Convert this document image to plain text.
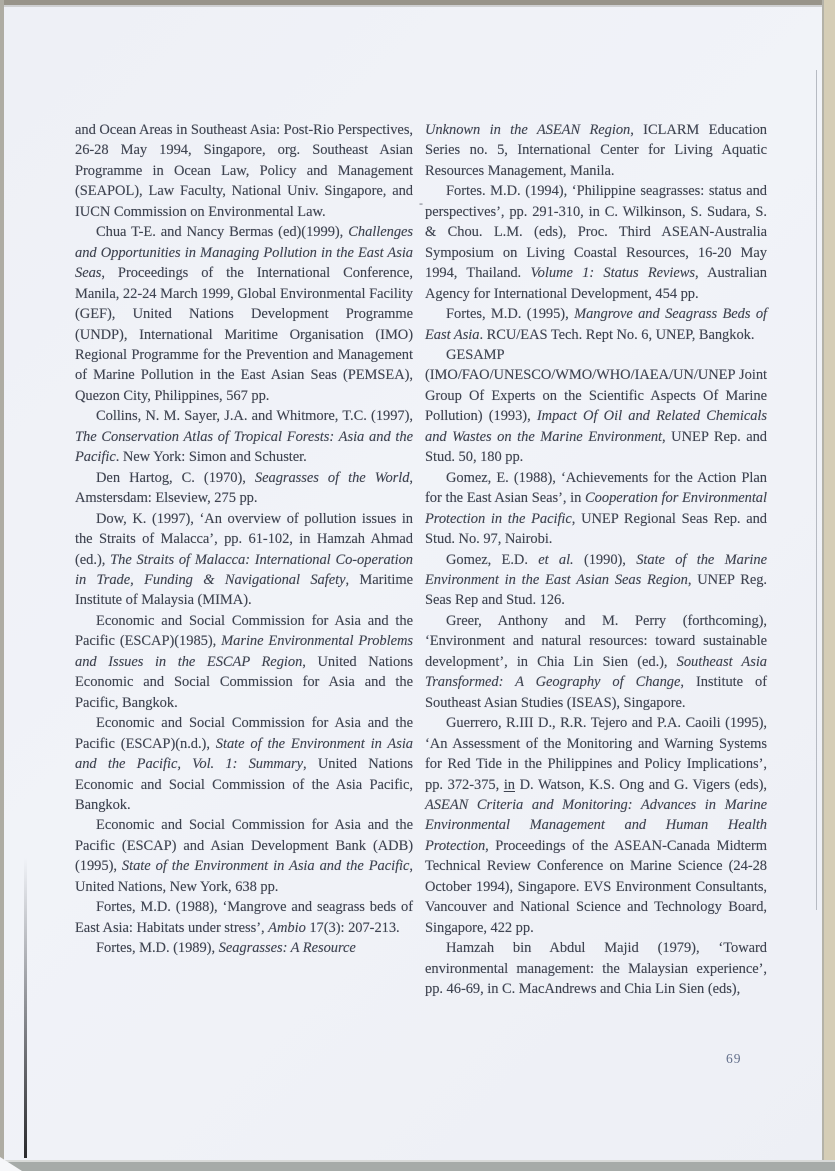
and Ocean Areas in Southeast Asia: Post-Rio Perspectives, 26-28 May 1994, Singapore, org. Southeast Asian Programme in Ocean Law, Policy and Management (SEAPOL), Law Faculty, National Univ. Singapore, and IUCN Commission on Environmental Law.

Chua T-E. and Nancy Bermas (ed)(1999), Challenges and Opportunities in Managing Pollution in the East Asia Seas, Proceedings of the International Conference, Manila, 22-24 March 1999, Global Environmental Facility (GEF), United Nations Development Programme (UNDP), International Maritime Organisation (IMO) Regional Programme for the Prevention and Management of Marine Pollution in the East Asian Seas (PEMSEA), Quezon City, Philippines, 567 pp.

Collins, N. M. Sayer, J.A. and Whitmore, T.C. (1997), The Conservation Atlas of Tropical Forests: Asia and the Pacific. New York: Simon and Schuster.

Den Hartog, C. (1970), Seagrasses of the World, Amstersdam: Elseview, 275 pp.

Dow, K. (1997), ‘An overview of pollution issues in the Straits of Malacca’, pp. 61-102, in Hamzah Ahmad (ed.), The Straits of Malacca: International Co-operation in Trade, Funding & Navigational Safety, Maritime Institute of Malaysia (MIMA).

Economic and Social Commission for Asia and the Pacific (ESCAP)(1985), Marine Environmental Problems and Issues in the ESCAP Region, United Nations Economic and Social Commission for Asia and the Pacific, Bangkok.

Economic and Social Commission for Asia and the Pacific (ESCAP)(n.d.), State of the Environment in Asia and the Pacific, Vol. 1: Summary, United Nations Economic and Social Commission of the Asia Pacific, Bangkok.

Economic and Social Commission for Asia and the Pacific (ESCAP) and Asian Development Bank (ADB)(1995), State of the Environment in Asia and the Pacific, United Nations, New York, 638 pp.

Fortes, M.D. (1988), ‘Mangrove and seagrass beds of East Asia: Habitats under stress’, Ambio 17(3): 207-213.

Fortes, M.D. (1989), Seagrasses: A Resource

Unknown in the ASEAN Region, ICLARM Education Series no. 5, International Center for Living Aquatic Resources Management, Manila.

Fortes. M.D. (1994), ‘Philippine seagrasses: status and perspectives’, pp. 291-310, in C. Wilkinson, S. Sudara, S. & Chou. L.M. (eds), Proc. Third ASEAN-Australia Symposium on Living Coastal Resources, 16-20 May 1994, Thailand. Volume 1: Status Reviews, Australian Agency for International Development, 454 pp.

Fortes, M.D. (1995), Mangrove and Seagrass Beds of East Asia. RCU/EAS Tech. Rept No. 6, UNEP, Bangkok.

GESAMP (IMO/FAO/UNESCO/WMO/WHO/IAEA/UN/UNEP Joint Group Of Experts on the Scientific Aspects Of Marine Pollution) (1993), Impact Of Oil and Related Chemicals and Wastes on the Marine Environment, UNEP Rep. and Stud. 50, 180 pp.

Gomez, E. (1988), ‘Achievements for the Action Plan for the East Asian Seas’, in Cooperation for Environmental Protection in the Pacific, UNEP Regional Seas Rep. and Stud. No. 97, Nairobi.

Gomez, E.D. et al. (1990), State of the Marine Environment in the East Asian Seas Region, UNEP Reg. Seas Rep and Stud. 126.

Greer, Anthony and M. Perry (forthcoming), ‘Environment and natural resources: toward sustainable development’, in Chia Lin Sien (ed.), Southeast Asia Transformed: A Geography of Change, Institute of Southeast Asian Studies (ISEAS), Singapore.

Guerrero, R.III D., R.R. Tejero and P.A. Caoili (1995), ‘An Assessment of the Monitoring and Warning Systems for Red Tide in the Philippines and Policy Implications’, pp. 372-375, in D. Watson, K.S. Ong and G. Vigers (eds), ASEAN Criteria and Monitoring: Advances in Marine Environmental Management and Human Health Protection, Proceedings of the ASEAN-Canada Midterm Technical Review Conference on Marine Science (24-28 October 1994), Singapore. EVS Environment Consultants, Vancouver and National Science and Technology Board, Singapore, 422 pp.

Hamzah bin Abdul Majid (1979), ‘Toward environmental management: the Malaysian experience’, pp. 46-69, in C. MacAndrews and Chia Lin Sien (eds),

-
69
